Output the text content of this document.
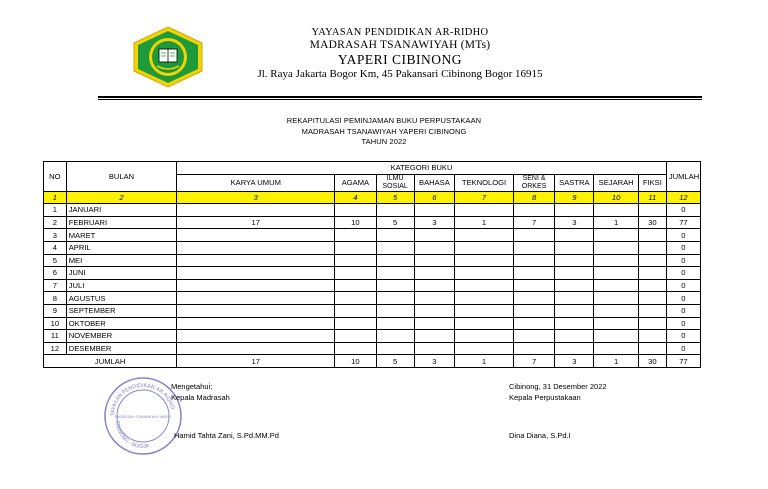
YAYASAN PENDIDIKAN AR-RIDHO
MADRASAH TSANAWIYAH (MTs)
YAPERI CIBINONG
Jl. Raya Jakarta Bogor Km, 45 Pakansari Cibinong Bogor 16915
REKAPITULASI PEMINJAMAN BUKU PERPUSTAKAAN
MADRASAH TSANAWIYAH YAPERI CIBINONG
TAHUN 2022
NO	BULAN	KATEGORI BUKU									JUMLAH
		KARYA UMUM	AGAMA	ILMU SOSIAL	BAHASA	TEKNOLOGI	SENI & ORKES	SASTRA	SEJARAH	FIKSI	
1	2	3	4	5	6	7	8	9	10	11	12
1	JANUARI										0
2	FEBRUARI	17	10	5	3	1	7	3	1	30	77
3	MARET										0
4	APRIL										0
5	MEI										0
6	JUNI										0
7	JULI										0
8	AGUSTUS										0
9	SEPTEMBER										0
10	OKTOBER										0
11	NOVEMBER										0
12	DESEMBER										0
JUMLAH		17	10	5	3	1	7	3	1	30	77
YAYASAN PENDIDIKAN AR-RIDHO
CIBINONG - BOGOR
MADRASAH TSANAWIYAH YAPERI
Mengetahui;
Kepala Madrasah
Hamid Tahta Zani, S.Pd.MM.Pd
Cibinong, 31 Desember 2022
Kepala Perpustakaan
Dina Diana, S.Pd.I
